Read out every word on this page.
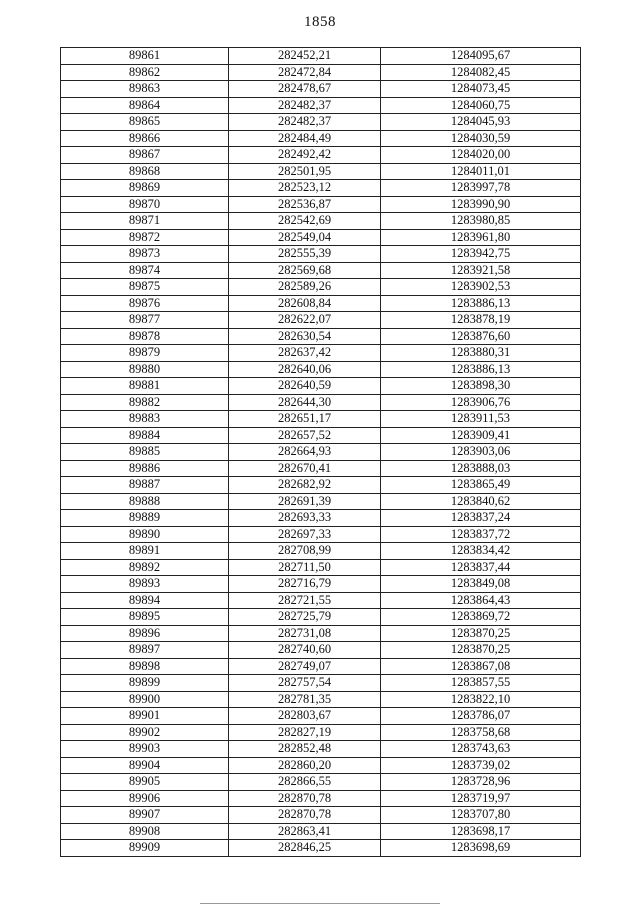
1858
89861	282452,21	1284095,67
89862	282472,84	1284082,45
89863	282478,67	1284073,45
89864	282482,37	1284060,75
89865	282482,37	1284045,93
89866	282484,49	1284030,59
89867	282492,42	1284020,00
89868	282501,95	1284011,01
89869	282523,12	1283997,78
89870	282536,87	1283990,90
89871	282542,69	1283980,85
89872	282549,04	1283961,80
89873	282555,39	1283942,75
89874	282569,68	1283921,58
89875	282589,26	1283902,53
89876	282608,84	1283886,13
89877	282622,07	1283878,19
89878	282630,54	1283876,60
89879	282637,42	1283880,31
89880	282640,06	1283886,13
89881	282640,59	1283898,30
89882	282644,30	1283906,76
89883	282651,17	1283911,53
89884	282657,52	1283909,41
89885	282664,93	1283903,06
89886	282670,41	1283888,03
89887	282682,92	1283865,49
89888	282691,39	1283840,62
89889	282693,33	1283837,24
89890	282697,33	1283837,72
89891	282708,99	1283834,42
89892	282711,50	1283837,44
89893	282716,79	1283849,08
89894	282721,55	1283864,43
89895	282725,79	1283869,72
89896	282731,08	1283870,25
89897	282740,60	1283870,25
89898	282749,07	1283867,08
89899	282757,54	1283857,55
89900	282781,35	1283822,10
89901	282803,67	1283786,07
89902	282827,19	1283758,68
89903	282852,48	1283743,63
89904	282860,20	1283739,02
89905	282866,55	1283728,96
89906	282870,78	1283719,97
89907	282870,78	1283707,80
89908	282863,41	1283698,17
89909	282846,25	1283698,69
